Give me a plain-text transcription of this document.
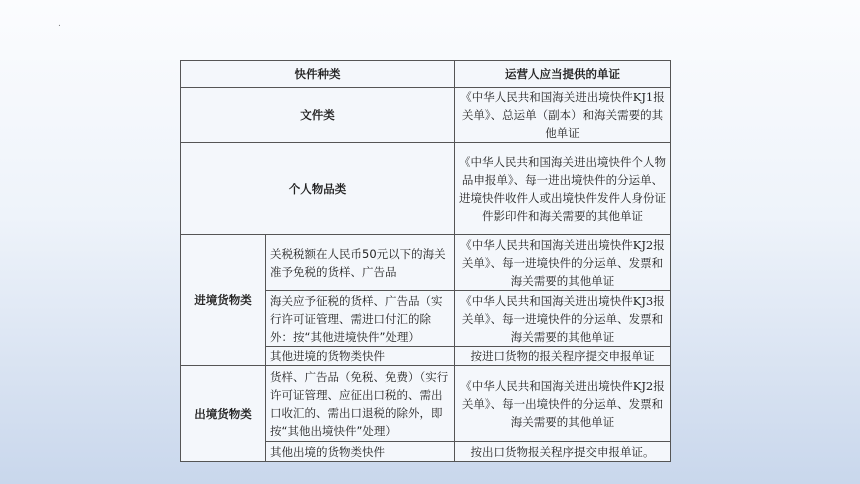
.
快件种类		运营人应当提供的单证
文件类		《中华人民共和国海关进出境快件KJ1报关单》、总运单（副本）和海关需要的其他单证
个人物品类		《中华人民共和国海关进出境快件个人物品申报单》、每一进出境快件的分运单、进境快件收件人或出境快件发件人身份证件影印件和海关需要的其他单证
进境货物类	关税税额在人民币50元以下的海关准予免税的货样、广告品	《中华人民共和国海关进出境快件KJ2报关单》、每一进境快件的分运单、发票和海关需要的其他单证
	海关应予征税的货样、广告品（实行许可证管理、需进口付汇的除外：按“其他进境快件”处理）	《中华人民共和国海关进出境快件KJ3报关单》、每一进境快件的分运单、发票和海关需要的其他单证
	其他进境的货物类快件	按进口货物的报关程序提交申报单证
出境货物类	货样、广告品（免税、免费）（实行许可证管理、应征出口税的、需出口收汇的、需出口退税的除外，即按“其他出境快件”处理）	《中华人民共和国海关进出境快件KJ2报关单》、每一出境快件的分运单、发票和海关需要的其他单证
	其他出境的货物类快件	按出口货物报关程序提交申报单证。
